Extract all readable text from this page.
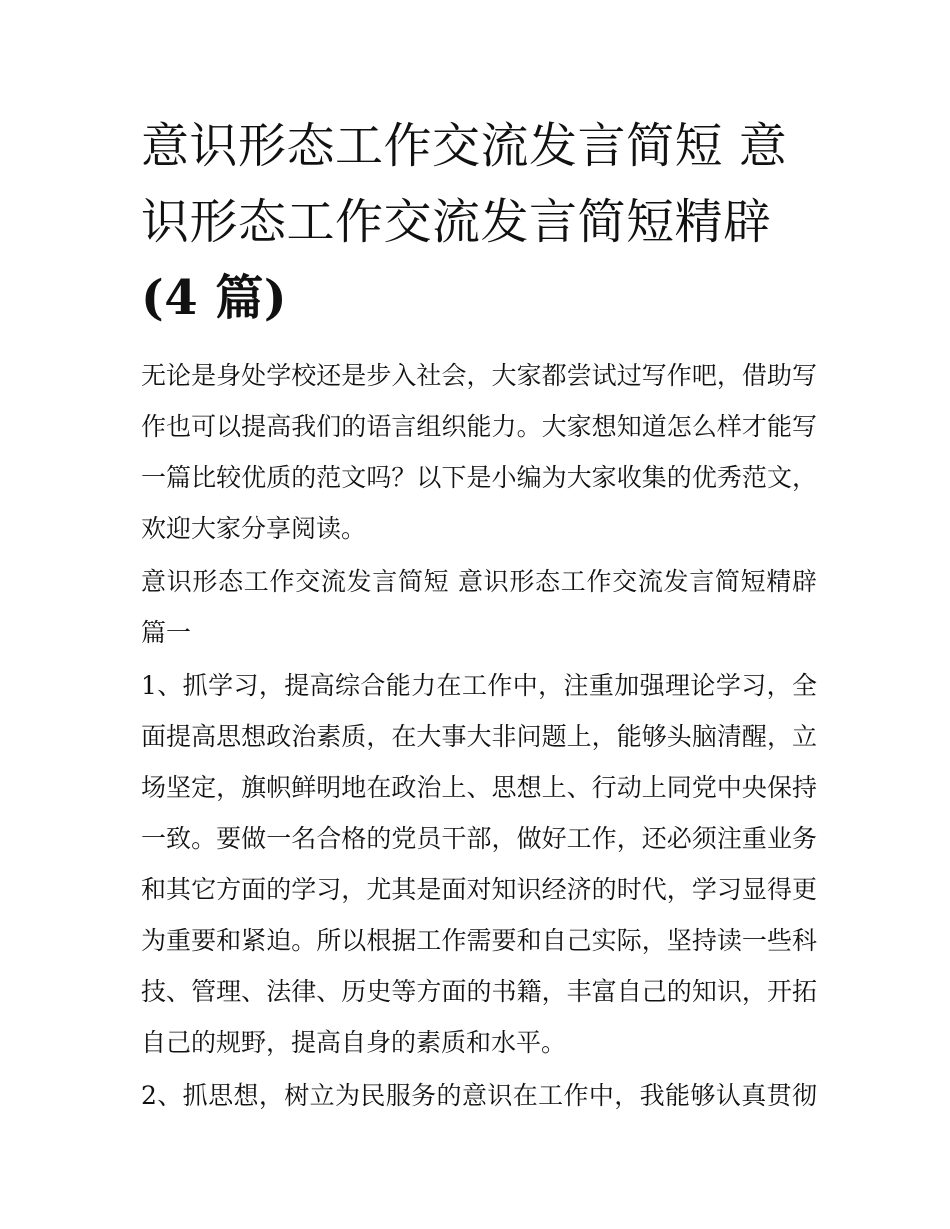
意识形态工作交流发言简短 意
识形态工作交流发言简短精辟
(4 篇)

无论是身处学校还是步入社会，大家都尝试过写作吧，借助写
作也可以提高我们的语言组织能力。大家想知道怎么样才能写
一篇比较优质的范文吗？以下是小编为大家收集的优秀范文，
欢迎大家分享阅读。

意识形态工作交流发言简短 意识形态工作交流发言简短精辟
篇一

1、抓学习，提高综合能力在工作中，注重加强理论学习，全
面提高思想政治素质，在大事大非问题上，能够头脑清醒，立
场坚定，旗帜鲜明地在政治上、思想上、行动上同党中央保持
一致。要做一名合格的党员干部，做好工作，还必须注重业务
和其它方面的学习，尤其是面对知识经济的时代，学习显得更
为重要和紧迫。所以根据工作需要和自己实际，坚持读一些科
技、管理、法律、历史等方面的书籍，丰富自己的知识，开拓
自己的规野，提高自身的素质和水平。

2、抓思想，树立为民服务的意识在工作中，我能够认真贯彻
